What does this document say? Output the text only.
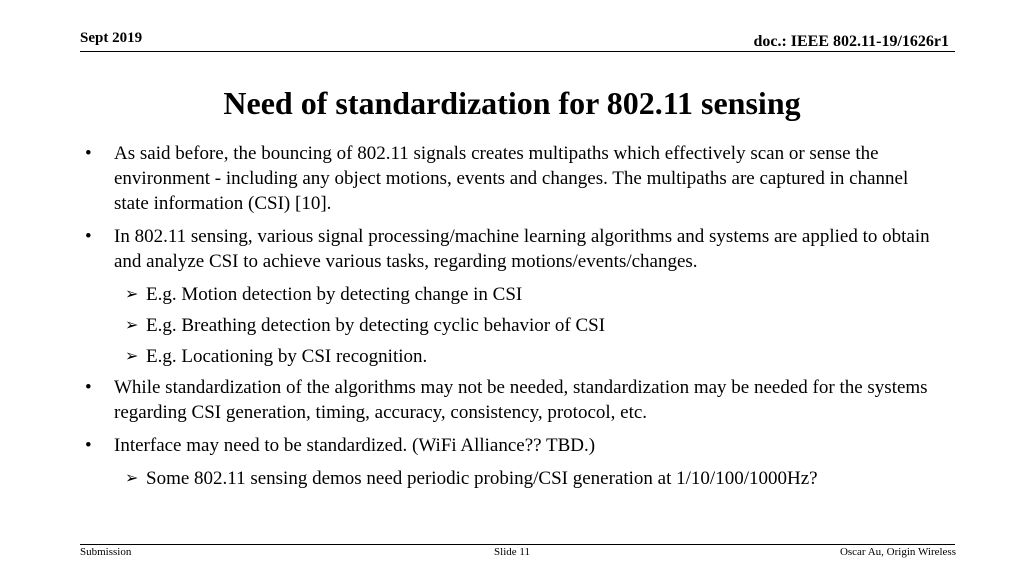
Sept 2019	doc.: IEEE 802.11-19/1626r1
Need of standardization for 802.11 sensing
• As said before, the bouncing of 802.11 signals creates multipaths which effectively scan or sense the environment - including any object motions, events and changes. The multipaths are captured in channel state information (CSI) [10].
• In 802.11 sensing, various signal processing/machine learning algorithms and systems are applied to obtain and analyze CSI to achieve various tasks, regarding motions/events/changes.
➢ E.g. Motion detection by detecting change in CSI
➢ E.g. Breathing detection by detecting cyclic behavior of CSI
➢ E.g. Locationing by CSI recognition.
• While standardization of the algorithms may not be needed, standardization may be needed for the systems regarding CSI generation, timing, accuracy, consistency, protocol, etc.
• Interface may need to be standardized. (WiFi Alliance?? TBD.)
➢ Some 802.11 sensing demos need periodic probing/CSI generation at 1/10/100/1000Hz?
Submission	Slide 11	Oscar Au, Origin Wireless
